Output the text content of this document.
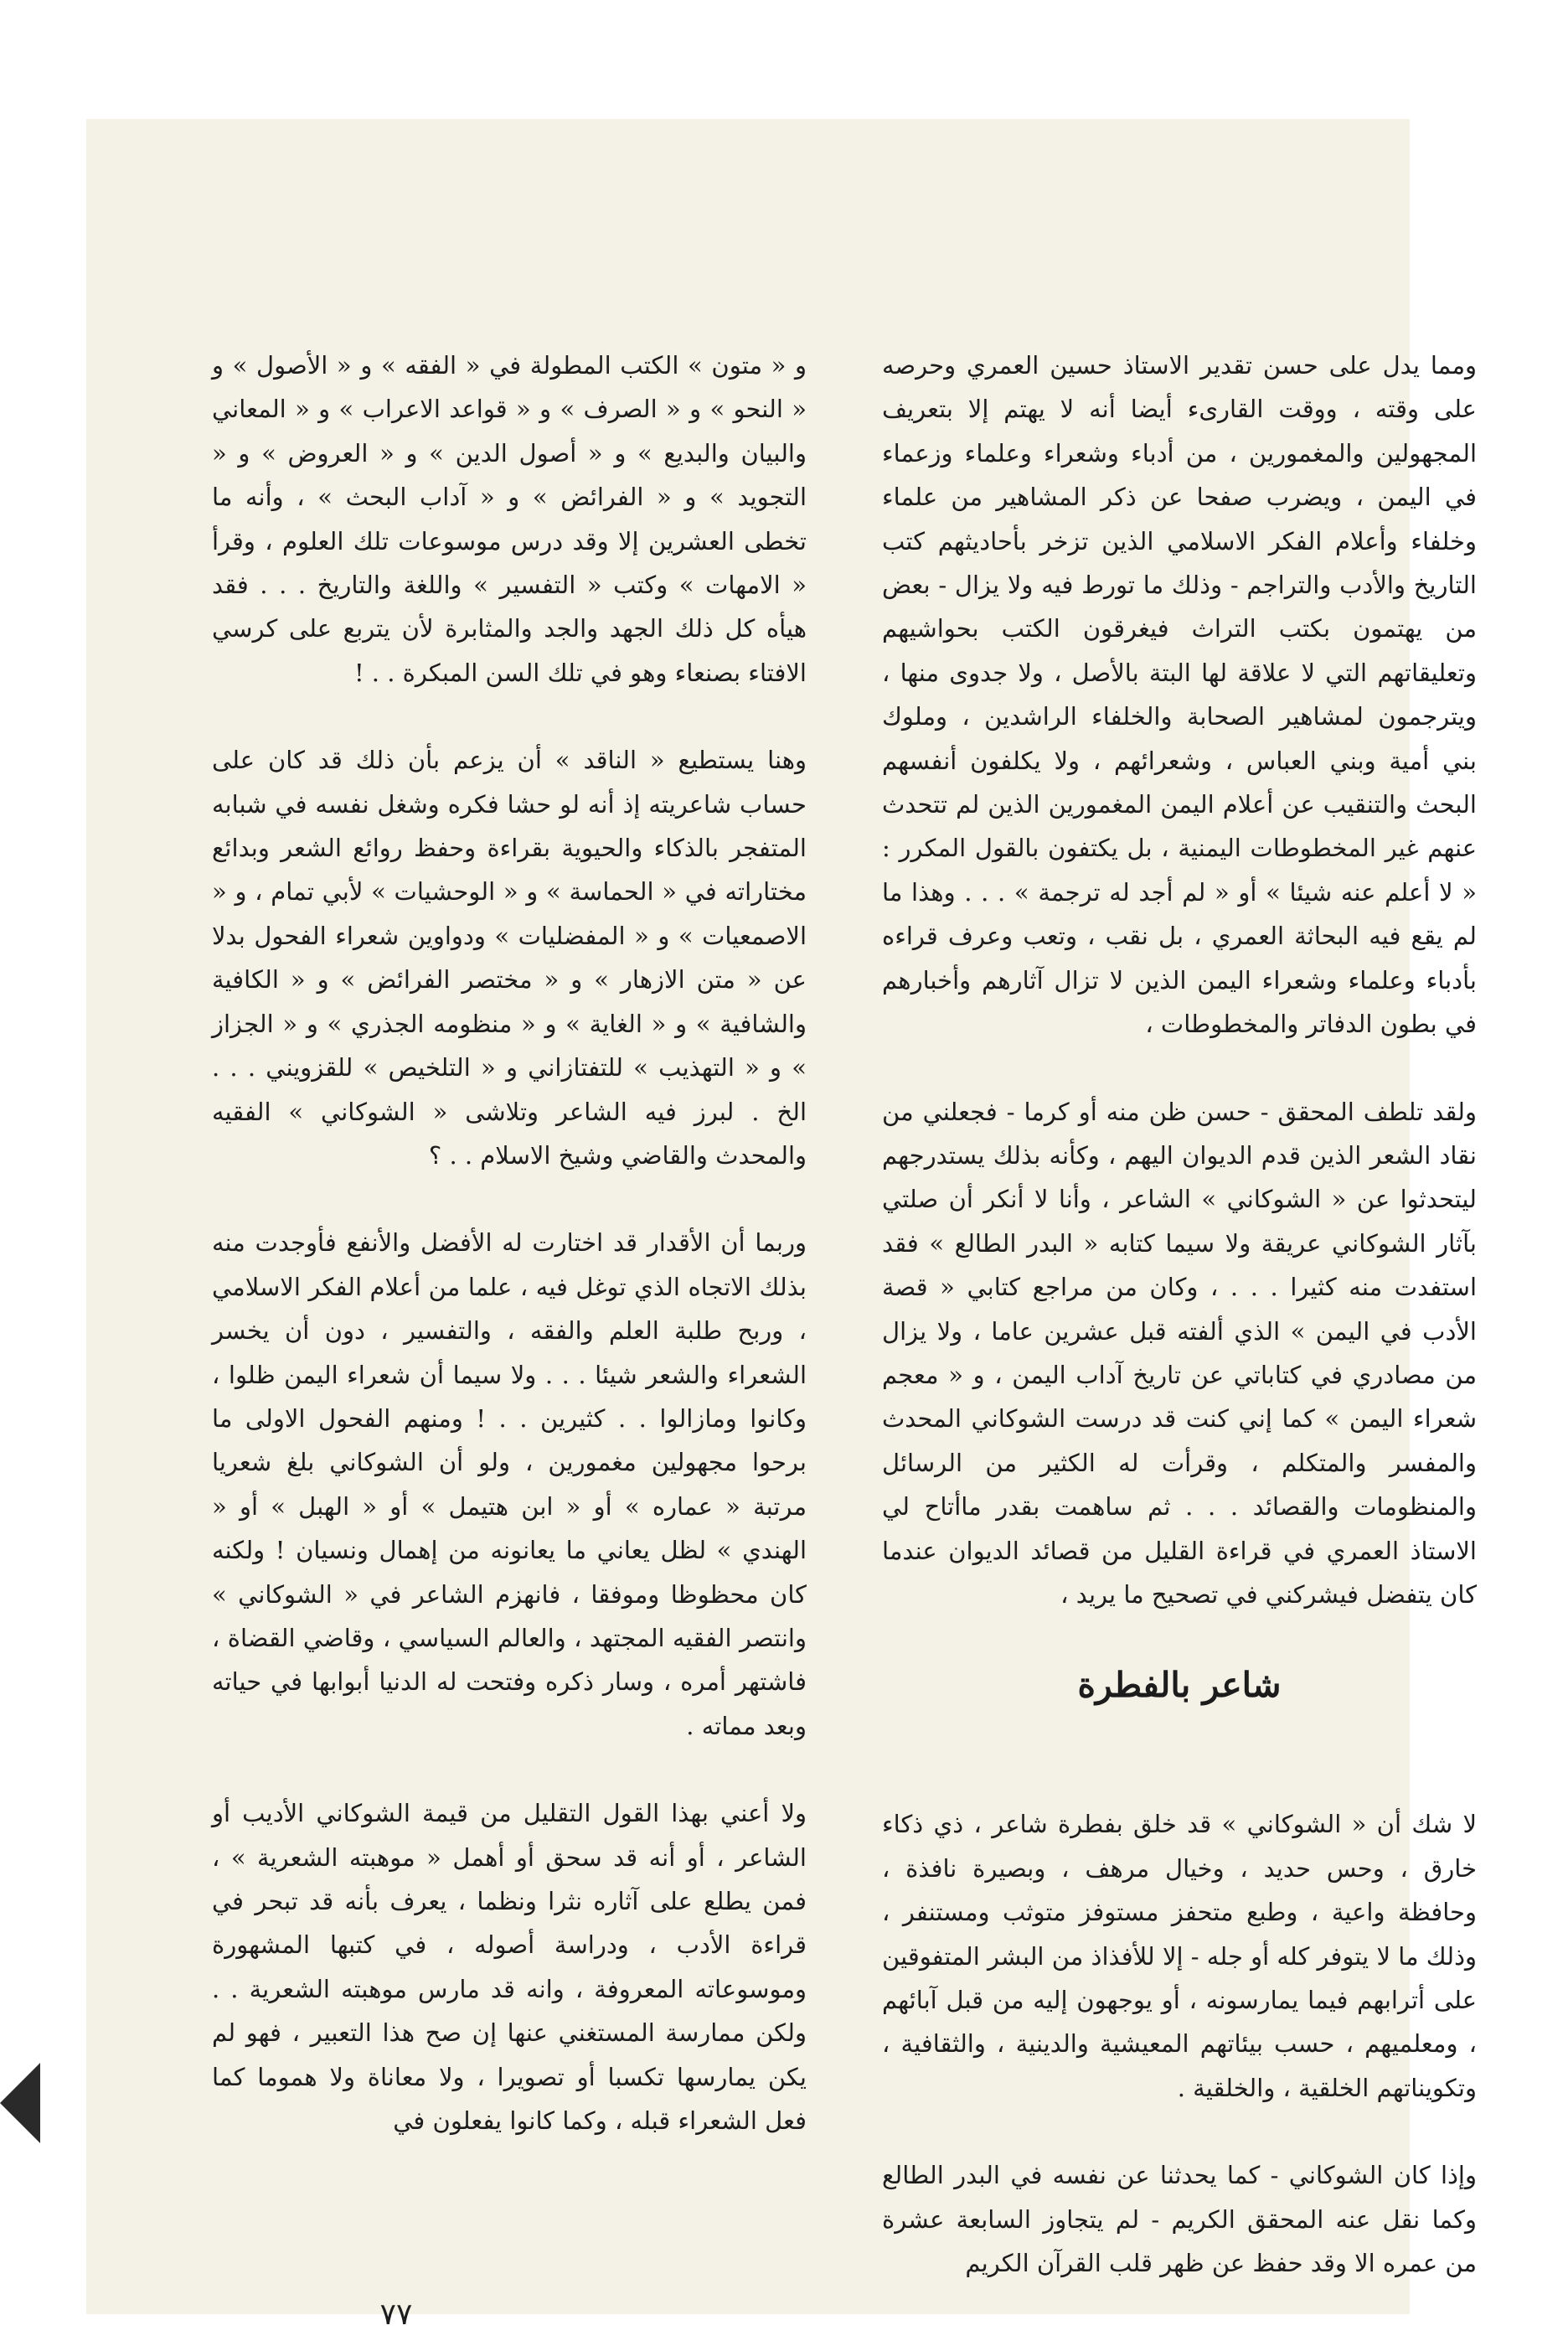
ومما يدل على حسن تقدير الاستاذ حسين العمري وحرصه على وقته ، ووقت القارىء أيضا أنه لا يهتم إلا بتعريف المجهولين والمغمورين ، من أدباء وشعراء وعلماء وزعماء في اليمن ، ويضرب صفحا عن ذكر المشاهير من علماء وخلفاء وأعلام الفكر الاسلامي الذين تزخر بأحاديثهم كتب التاريخ والأدب والتراجم - وذلك ما تورط فيه ولا يزال - بعض من يهتمون بكتب التراث فيغرقون الكتب بحواشيهم وتعليقاتهم التي لا علاقة لها البتة بالأصل ، ولا جدوى منها ، ويترجمون لمشاهير الصحابة والخلفاء الراشدين ، وملوك بني أمية وبني العباس ، وشعرائهم ، ولا يكلفون أنفسهم البحث والتنقيب عن أعلام اليمن المغمورين الذين لم تتحدث عنهم غير المخطوطات اليمنية ، بل يكتفون بالقول المكرر : « لا أعلم عنه شيئا » أو « لم أجد له ترجمة » . . . وهذا ما لم يقع فيه البحاثة العمري ، بل نقب ، وتعب وعرف قراءه بأدباء وعلماء وشعراء اليمن الذين لا تزال آثارهم وأخبارهم في بطون الدفاتر والمخطوطات ،

ولقد تلطف المحقق - حسن ظن منه أو كرما - فجعلني من نقاد الشعر الذين قدم الديوان اليهم ، وكأنه بذلك يستدرجهم ليتحدثوا عن « الشوكاني » الشاعر ، وأنا لا أنكر أن صلتي بآثار الشوكاني عريقة ولا سيما كتابه « البدر الطالع » فقد استفدت منه كثيرا . . . ، وكان من مراجع كتابي « قصة الأدب في اليمن » الذي ألفته قبل عشرين عاما ، ولا يزال من مصادري في كتاباتي عن تاريخ آداب اليمن ، و « معجم شعراء اليمن » كما إني كنت قد درست الشوكاني المحدث والمفسر والمتكلم ، وقرأت له الكثير من الرسائل والمنظومات والقصائد . . . ثم ساهمت بقدر ماأتاح لي الاستاذ العمري في قراءة القليل من قصائد الديوان عندما كان يتفضل فيشركني في تصحيح ما يريد ،

شاعر بالفطرة

لا شك أن « الشوكاني » قد خلق بفطرة شاعر ، ذي ذكاء خارق ، وحس حديد ، وخيال مرهف ، وبصيرة نافذة ، وحافظة واعية ، وطبع متحفز مستوفز متوثب ومستنفر ، وذلك ما لا يتوفر كله أو جله - إلا للأفذاذ من البشر المتفوقين على أترابهم فيما يمارسونه ، أو يوجهون إليه من قبل آبائهم ، ومعلميهم ، حسب بيئاتهم المعيشية والدينية ، والثقافية ، وتكويناتهم الخلقية ، والخلقية .

وإذا كان الشوكاني - كما يحدثنا عن نفسه في البدر الطالع وكما نقل عنه المحقق الكريم - لم يتجاوز السابعة عشرة من عمره الا وقد حفظ عن ظهر قلب القرآن الكريم

و « متون » الكتب المطولة في « الفقه » و « الأصول » و « النحو » و « الصرف » و « قواعد الاعراب » و « المعاني والبيان والبديع » و « أصول الدين » و « العروض » و « التجويد » و « الفرائض » و « آداب البحث » ، وأنه ما تخطى العشرين إلا وقد درس موسوعات تلك العلوم ، وقرأ « الامهات » وكتب « التفسير » واللغة والتاريخ . . . فقد هيأه كل ذلك الجهد والجد والمثابرة لأن يتربع على كرسي الافتاء بصنعاء وهو في تلك السن المبكرة . . !

وهنا يستطيع « الناقد » أن يزعم بأن ذلك قد كان على حساب شاعريته إذ أنه لو حشا فكره وشغل نفسه في شبابه المتفجر بالذكاء والحيوية بقراءة وحفظ روائع الشعر وبدائع مختاراته في « الحماسة » و « الوحشيات » لأبي تمام ، و « الاصمعيات » و « المفضليات » ودواوين شعراء الفحول بدلا عن « متن الازهار » و « مختصر الفرائض » و « الكافية والشافية » و « الغاية » و « منظومه الجذري » و « الجزاز » و « التهذيب » للتفتازاني و « التلخيص » للقزويني . . . الخ . لبرز فيه الشاعر وتلاشى « الشوكاني » الفقيه والمحدث والقاضي وشيخ الاسلام . . ؟

وربما أن الأقدار قد اختارت له الأفضل والأنفع فأوجدت منه بذلك الاتجاه الذي توغل فيه ، علما من أعلام الفكر الاسلامي ، وربح طلبة العلم والفقه ، والتفسير ، دون أن يخسر الشعراء والشعر شيئا . . . ولا سيما أن شعراء اليمن ظلوا ، وكانوا ومازالوا . . كثيرين . . ! ومنهم الفحول الاولى ما برحوا مجهولين مغمورين ، ولو أن الشوكاني بلغ شعريا مرتبة « عماره » أو « ابن هتيمل » أو « الهبل » أو « الهندي » لظل يعاني ما يعانونه من إهمال ونسيان ! ولكنه كان محظوظا وموفقا ، فانهزم الشاعر في « الشوكاني » وانتصر الفقيه المجتهد ، والعالم السياسي ، وقاضي القضاة ، فاشتهر أمره ، وسار ذكره وفتحت له الدنيا أبوابها في حياته وبعد مماته .

ولا أعني بهذا القول التقليل من قيمة الشوكاني الأديب أو الشاعر ، أو أنه قد سحق أو أهمل « موهبته الشعرية » ، فمن يطلع على آثاره نثرا ونظما ، يعرف بأنه قد تبحر في قراءة الأدب ، ودراسة أصوله ، في كتبها المشهورة وموسوعاته المعروفة ، وانه قد مارس موهبته الشعرية . . ولكن ممارسة المستغني عنها إن صح هذا التعبير ، فهو لم يكن يمارسها تكسبا أو تصويرا ، ولا معاناة ولا هموما كما فعل الشعراء قبله ، وكما كانوا يفعلون في

٧٧
